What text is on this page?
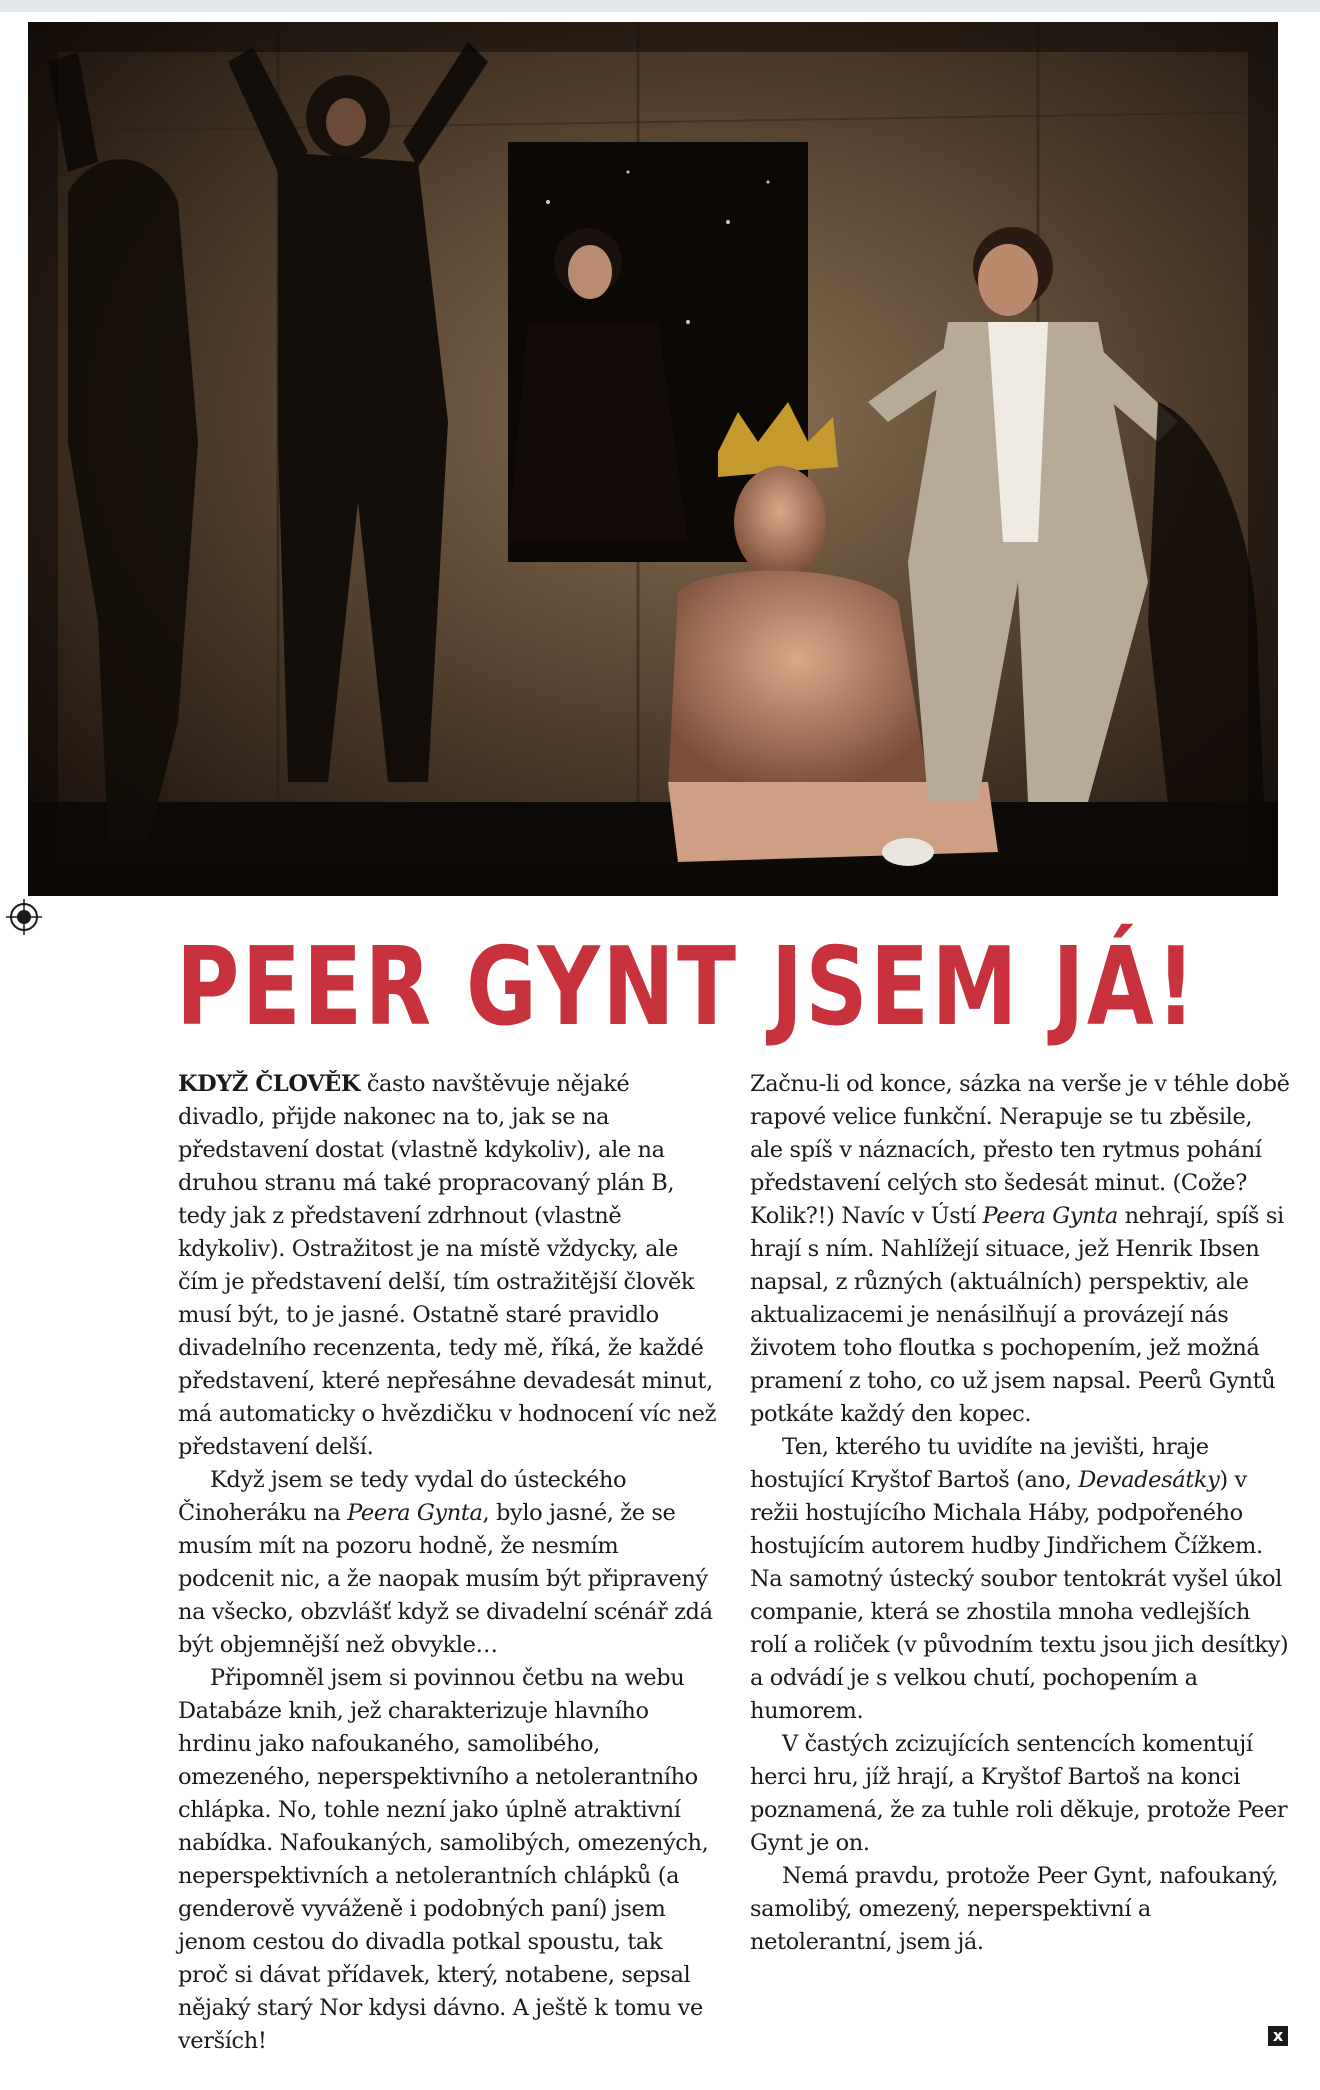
PEER GYNT JSEM JÁ!

KDYŽ ČLOVĚK často navštěvuje nějaké divadlo, přijde nakonec na to, jak se na představení dostat (vlastně kdykoliv), ale na druhou stranu má také propracovaný plán B, tedy jak z představení zdrhnout (vlastně kdykoliv). Ostražitost je na místě vždycky, ale čím je představení delší, tím ostražitější člověk musí být, to je jasné. Ostatně staré pravidlo divadelního recenzenta, tedy mě, říká, že každé představení, které nepřesáhne devadesát minut, má automaticky o hvězdičku v hodnocení víc než představení delší.

Když jsem se tedy vydal do ústeckého Činoheráku na Peera Gynta, bylo jasné, že se musím mít na pozoru hodně, že nesmím podcenit nic, a že naopak musím být připravený na všecko, obzvlášť když se divadelní scénář zdá být objemnější než obvykle…

Připomněl jsem si povinnou četbu na webu Databáze knih, jež charakterizuje hlavního hrdinu jako nafoukaného, samolibého, omezeného, neperspektivního a netolerantního chlápka. No, tohle nezní jako úplně atraktivní nabídka. Nafoukaných, samolibých, omezených, neperspektivních a netolerantních chlápků (a genderově vyváženě i podobných paní) jsem jenom cestou do divadla potkal spoustu, tak proč si dávat přídavek, který, notabene, sepsal nějaký starý Nor kdysi dávno. A ještě k tomu ve verších!

Začnu-li od konce, sázka na verše je v téhle době rapové velice funkční. Nerapuje se tu zběsile, ale spíš v náznacích, přesto ten rytmus pohání představení celých sto šedesát minut. (Cože? Kolik?!) Navíc v Ústí Peera Gynta nehrají, spíš si hrají s ním. Nahlížejí situace, jež Henrik Ibsen napsal, z různých (aktuálních) perspektiv, ale aktualizacemi je nenásilňují a provázejí nás životem toho floutka s pochopením, jež možná pramení z toho, co už jsem napsal. Peerů Gyntů potkáte každý den kopec.

Ten, kterého tu uvidíte na jevišti, hraje hostující Kryštof Bartoš (ano, Devadesátky) v režii hostujícího Michala Háby, podpořeného hostujícím autorem hudby Jindřichem Čížkem. Na samotný ústecký soubor tentokrát vyšel úkol companie, která se zhostila mnoha vedlejších rolí a roliček (v původním textu jsou jich desítky) a odvádí je s velkou chutí, pochopením a humorem.

V častých zcizujících sentencích komentují herci hru, jíž hrají, a Kryštof Bartoš na konci poznamená, že za tuhle roli děkuje, protože Peer Gynt je on.

Nemá pravdu, protože Peer Gynt, nafoukaný, samolibý, omezený, neperspektivní a netolerantní, jsem já.

x
